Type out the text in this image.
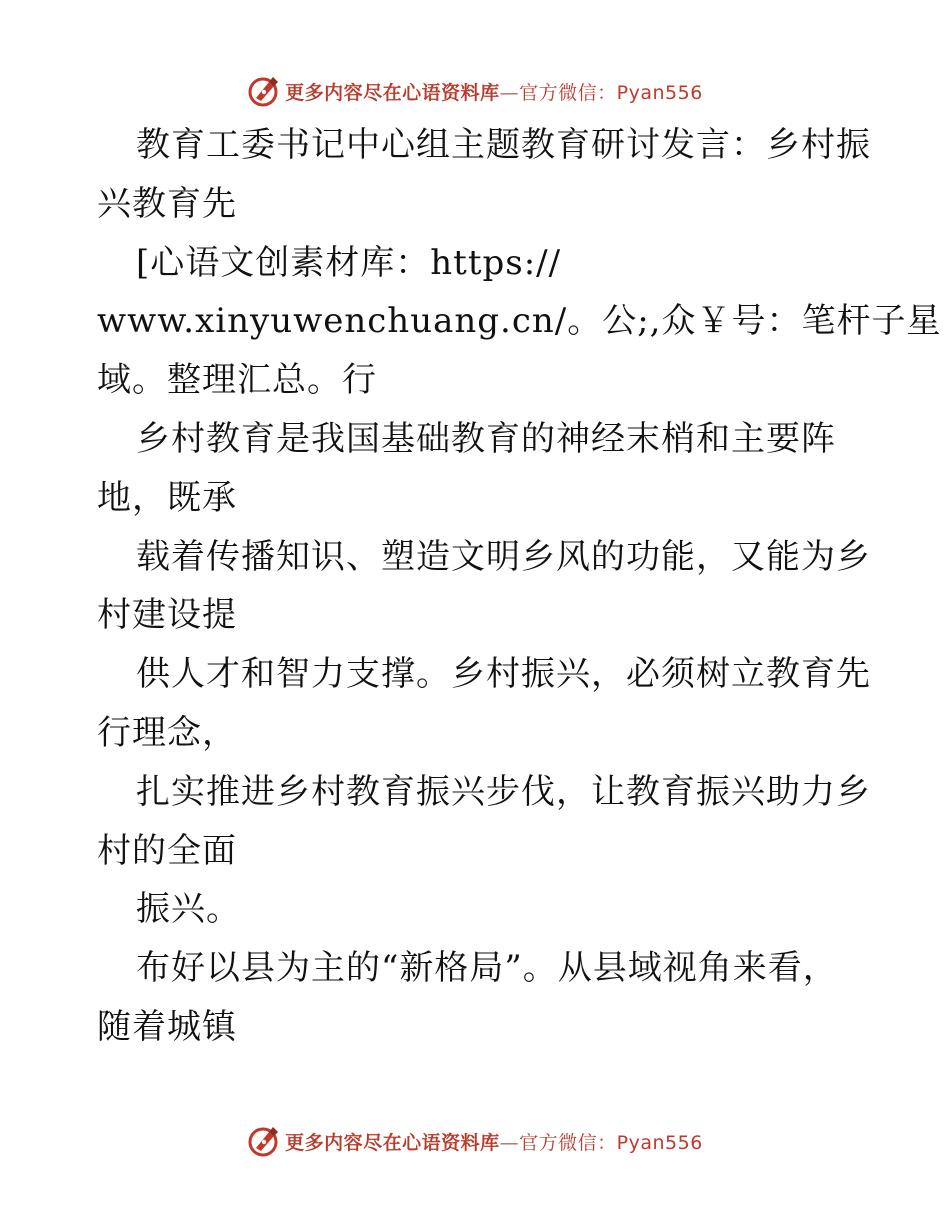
更多内容尽在心语资料库—官方微信：Pyan556
教育工委书记中心组主题教育研讨发言：乡村振
兴教育先
[心语文创素材库：https://
www.xinyuwenchuang.cn/。公;,众￥号：笔杆子星
域。整理汇总。行
乡村教育是我国基础教育的神经末梢和主要阵
地，既承
载着传播知识、塑造文明乡风的功能，又能为乡
村建设提
供人才和智力支撑。乡村振兴，必须树立教育先
行理念，
扎实推进乡村教育振兴步伐，让教育振兴助力乡
村的全面
振兴。
布好以县为主的“新格局”。从县域视角来看，
随着城镇
更多内容尽在心语资料库—官方微信：Pyan556
